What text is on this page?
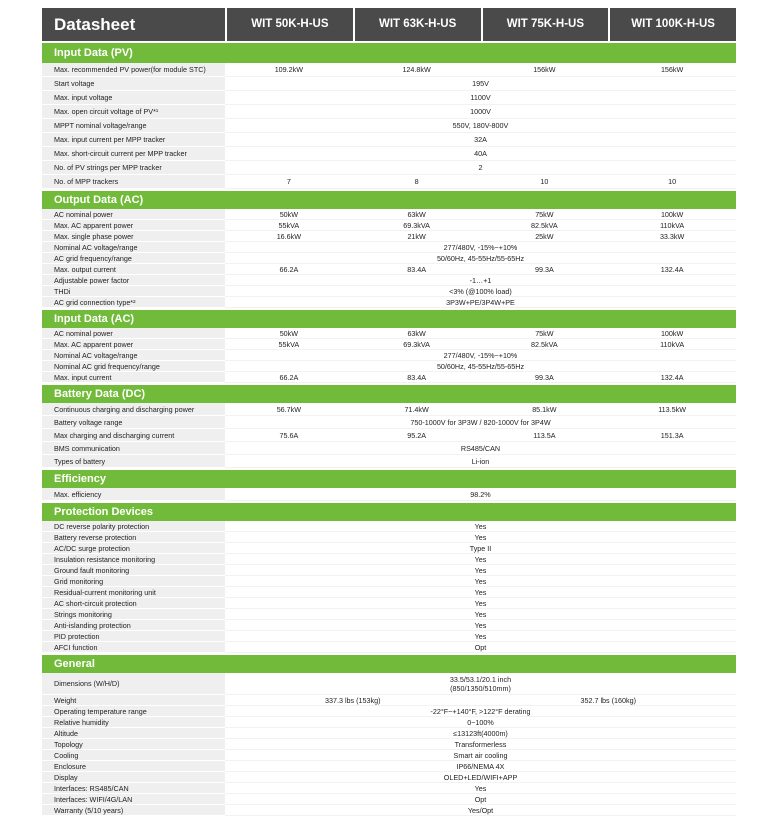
Datasheet	WIT 50K-H-US	WIT 63K-H-US	WIT 75K-H-US	WIT 100K-H-US
Input Data (PV)
Max. recommended PV power(for module STC)	109.2kW	124.8kW	156kW	156kW
Start voltage	195V
Max. input voltage	1100V
Max. open circuit voltage of PV*¹	1000V
MPPT nominal voltage/range	550V, 180V-800V
Max. input current per MPP tracker	32A
Max. short-circuit current per MPP tracker	40A
No. of PV strings per MPP tracker	2
No. of MPP trackers	7	8	10	10
Output Data (AC)
AC nominal power	50kW	63kW	75kW	100kW
Max. AC apparent power	55kVA	69.3kVA	82.5kVA	110kVA
Max. single phase power	16.6kW	21kW	25kW	33.3kW
Nominal AC voltage/range	277/480V, -15%~+10%
AC grid frequency/range	50/60Hz, 45-55Hz/55-65Hz
Max. output current	66.2A	83.4A	99.3A	132.4A
Adjustable power factor	-1…+1
THDi	<3% (@100% load)
AC grid connection type*²	3P3W+PE/3P4W+PE
Input Data (AC)
AC nominal power	50kW	63kW	75kW	100kW
Max. AC apparent power	55kVA	69.3kVA	82.5kVA	110kVA
Nominal AC voltage/range	277/480V, -15%~+10%
Nominal AC grid frequency/range	50/60Hz, 45-55Hz/55-65Hz
Max. input current	66.2A	83.4A	99.3A	132.4A
Battery Data (DC)
Continuous charging and discharging power	56.7kW	71.4kW	85.1kW	113.5kW
Battery voltage range	750-1000V for 3P3W / 820-1000V for 3P4W
Max charging and discharging current	75.6A	95.2A	113.5A	151.3A
BMS communication	RS485/CAN
Types of battery	Li-ion
Efficiency
Max. efficiency	98.2%
Protection Devices
DC reverse polarity protection	Yes
Battery reverse protection	Yes
AC/DC surge protection	Type II
Insulation resistance monitoring	Yes
Ground fault monitoring	Yes
Grid monitoring	Yes
Residual-current monitoring unit	Yes
AC short-circuit protection	Yes
Strings monitoring	Yes
Anti-islanding protection	Yes
PID protection	Yes
AFCI function	Opt
General
Dimensions (W/H/D)	33.5/53.1/20.1 inch
(850/1350/510mm)
Weight	337.3 lbs (153kg)	352.7 lbs (160kg)
Operating temperature range	-22°F~+140°F, >122°F derating
Relative humidity	0~100%
Altitude	≤13123ft(4000m)
Topology	Transformerless
Cooling	Smart air cooling
Enclosure	IP66/NEMA 4X
Display	OLED+LED/WIFI+APP
Interfaces: RS485/CAN	Yes
Interfaces: WIFI/4G/LAN	Opt
Warranty (5/10 years)	Yes/Opt
